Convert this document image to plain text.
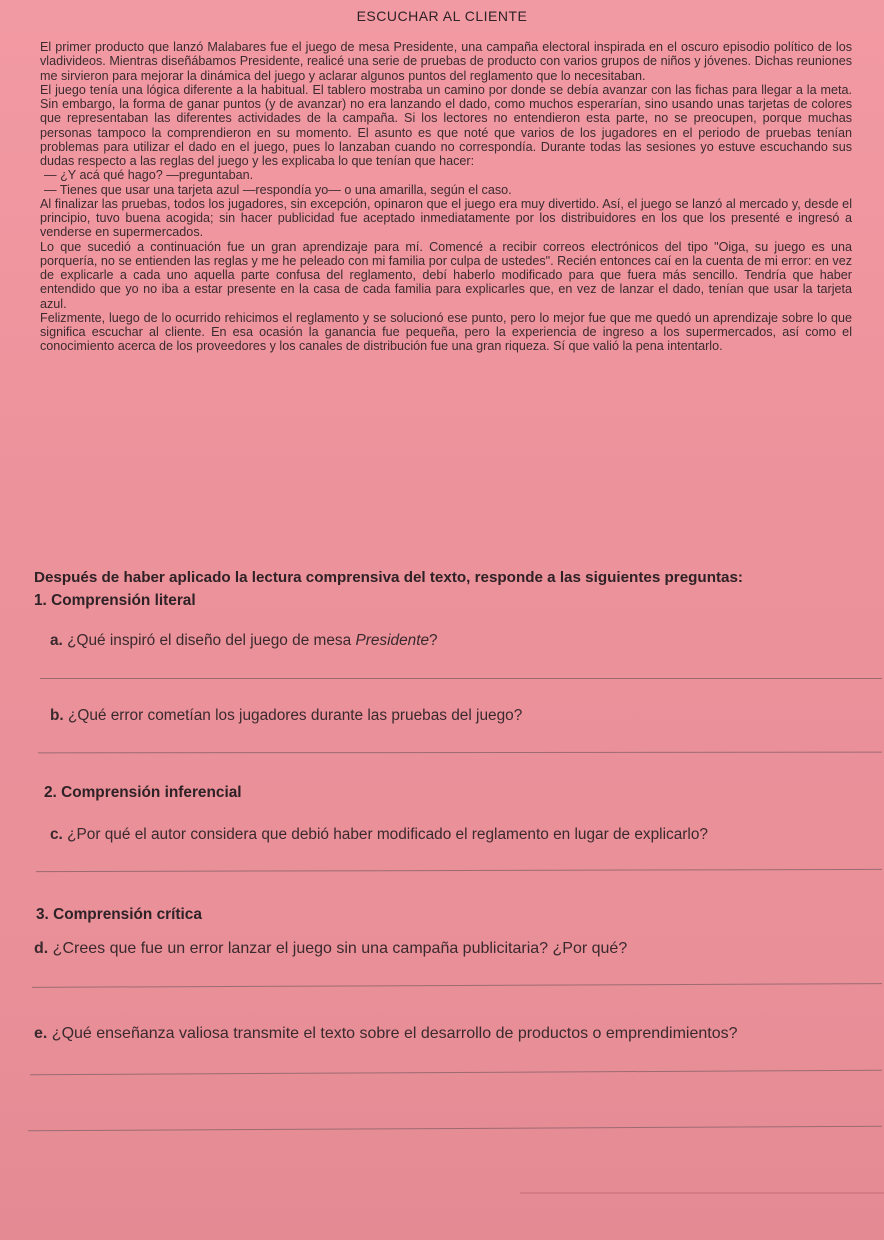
ESCUCHAR AL CLIENTE

El primer producto que lanzó Malabares fue el juego de mesa Presidente, una campaña electoral inspirada en el oscuro episodio político de los vladivideos. Mientras diseñábamos Presidente, realicé una serie de pruebas de producto con varios grupos de niños y jóvenes. Dichas reuniones me sirvieron para mejorar la dinámica del juego y aclarar algunos puntos del reglamento que lo necesitaban.

El juego tenía una lógica diferente a la habitual. El tablero mostraba un camino por donde se debía avanzar con las fichas para llegar a la meta. Sin embargo, la forma de ganar puntos (y de avanzar) no era lanzando el dado, como muchos esperarían, sino usando unas tarjetas de colores que representaban las diferentes actividades de la campaña. Si los lectores no entendieron esta parte, no se preocupen, porque muchas personas tampoco la comprendieron en su momento. El asunto es que noté que varios de los jugadores en el periodo de pruebas tenían problemas para utilizar el dado en el juego, pues lo lanzaban cuando no correspondía. Durante todas las sesiones yo estuve escuchando sus dudas respecto a las reglas del juego y les explicaba lo que tenían que hacer:

— ¿Y acá qué hago? —preguntaban.

— Tienes que usar una tarjeta azul —respondía yo— o una amarilla, según el caso.

Al finalizar las pruebas, todos los jugadores, sin excepción, opinaron que el juego era muy divertido. Así, el juego se lanzó al mercado y, desde el principio, tuvo buena acogida; sin hacer publicidad fue aceptado inmediatamente por los distribuidores en los que los presenté e ingresó a venderse en supermercados.

Lo que sucedió a continuación fue un gran aprendizaje para mí. Comencé a recibir correos electrónicos del tipo "Oiga, su juego es una porquería, no se entienden las reglas y me he peleado con mi familia por culpa de ustedes". Recién entonces caí en la cuenta de mi error: en vez de explicarle a cada uno aquella parte confusa del reglamento, debí haberlo modificado para que fuera más sencillo. Tendría que haber entendido que yo no iba a estar presente en la casa de cada familia para explicarles que, en vez de lanzar el dado, tenían que usar la tarjeta azul.

Felizmente, luego de lo ocurrido rehicimos el reglamento y se solucionó ese punto, pero lo mejor fue que me quedó un aprendizaje sobre lo que significa escuchar al cliente. En esa ocasión la ganancia fue pequeña, pero la experiencia de ingreso a los supermercados, así como el conocimiento acerca de los proveedores y los canales de distribución fue una gran riqueza. Sí que valió la pena intentarlo.

Después de haber aplicado la lectura comprensiva del texto, responde a las siguientes preguntas:
1. Comprensión literal
a. ¿Qué inspiró el diseño del juego de mesa Presidente?
b. ¿Qué error cometían los jugadores durante las pruebas del juego?
2. Comprensión inferencial
c. ¿Por qué el autor considera que debió haber modificado el reglamento en lugar de explicarlo?
3. Comprensión crítica
d. ¿Crees que fue un error lanzar el juego sin una campaña publicitaria? ¿Por qué?
e. ¿Qué enseñanza valiosa transmite el texto sobre el desarrollo de productos o emprendimientos?
